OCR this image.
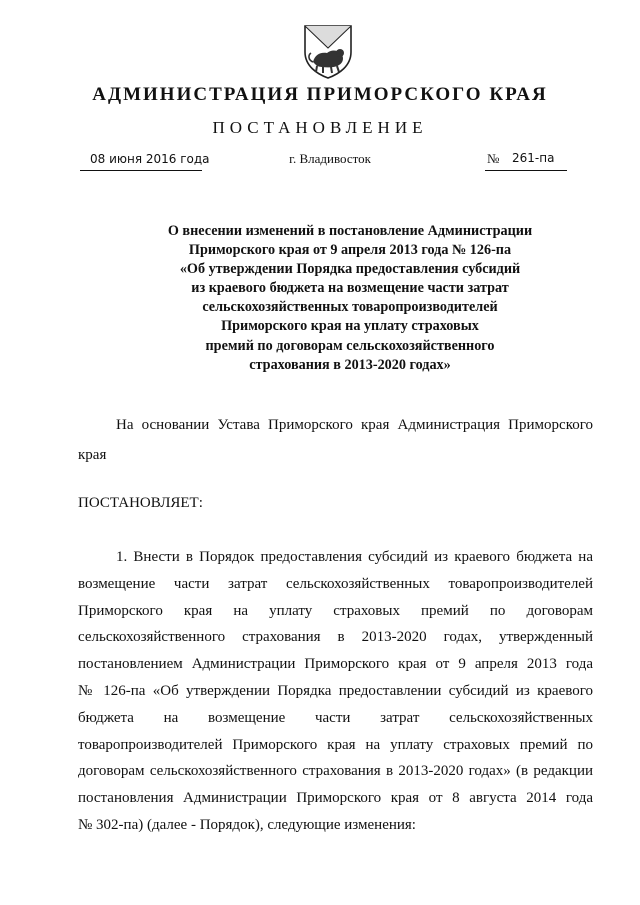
АДМИНИСТРАЦИЯ ПРИМОРСКОГО КРАЯ
ПОСТАНОВЛЕНИЕ
08 июня 2016 года	г. Владивосток	№ 261-па
О внесении изменений в постановление Администрации
Приморского края от 9 апреля 2013 года № 126-па
«Об утверждении Порядка предоставления субсидий
из краевого бюджета на возмещение части затрат
сельскохозяйственных товаропроизводителей
Приморского края на уплату страховых
премий по договорам сельскохозяйственного
страхования в 2013-2020 годах»
На основании Устава Приморского края Администрация Приморского края
ПОСТАНОВЛЯЕТ:
1. Внести в Порядок предоставления субсидий из краевого бюджета на
возмещение части затрат сельскохозяйственных товаропроизводителей
Приморского края на уплату страховых премий по договорам
сельскохозяйственного страхования в 2013-2020 годах, утвержденный
постановлением Администрации Приморского края от 9 апреля 2013 года
№ 126-па «Об утверждении Порядка предоставлении субсидий из краевого
бюджета на возмещение части затрат сельскохозяйственных
товаропроизводителей Приморского края на уплату страховых премий по
договорам сельскохозяйственного страхования в 2013-2020 годах» (в редакции
постановления Администрации Приморского края от 8 августа 2014 года
№ 302-па) (далее - Порядок), следующие изменения:
